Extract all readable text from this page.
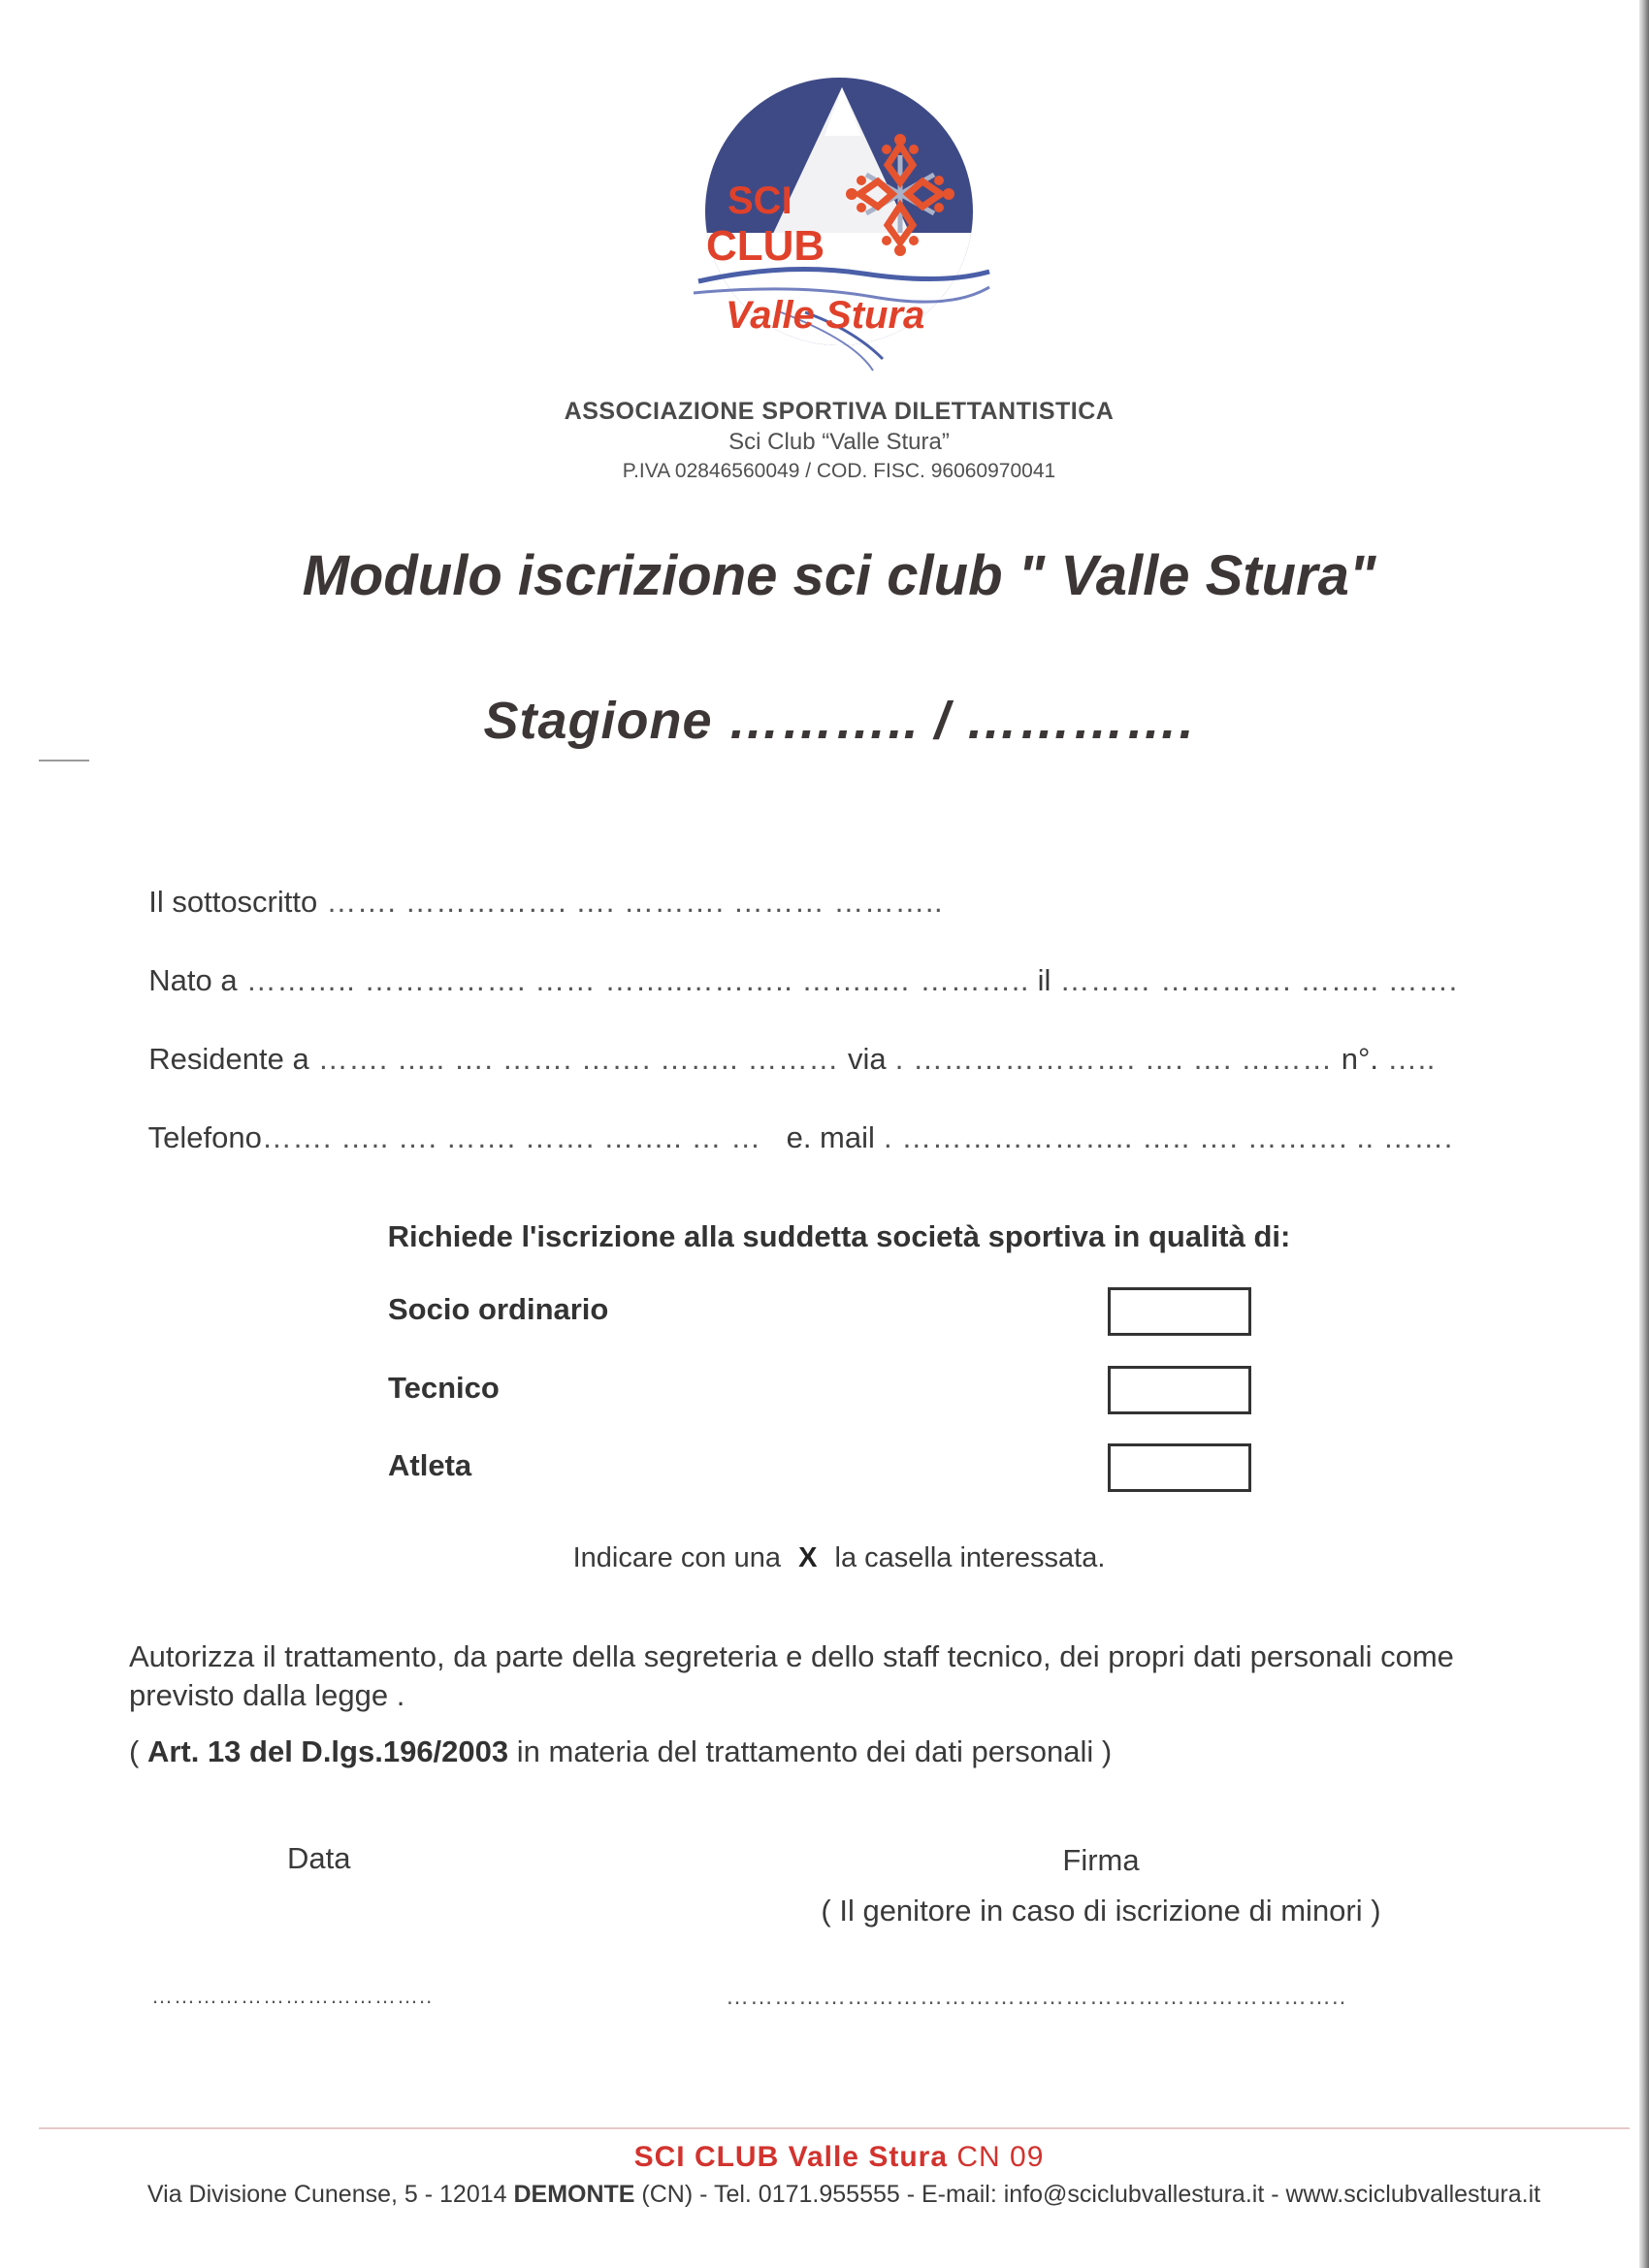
SCI
CLUB
Valle Stura
ASSOCIAZIONE SPORTIVA DILETTANTISTICA
Sci Club “Valle Stura”
P.IVA 02846560049 / COD. FISC. 96060970041
Modulo iscrizione sci club " Valle Stura"
Stagione ……….. / ………….

Il sottoscritto ……. ……………. …. ………. ……… ………..

Nato a ……….. ……………. …… ……..……….. ……..… ……….. il ……… …………. …….. …….

Residente a ……. ….. …. ……. ……. …….. ……… via . …………………. …. …. ……… n°. …..

Telefono……. ….. …. ……. ……. …….. … … e. mail . ………………….. ….. …. ………. .. …….

Richiede l'iscrizione alla suddetta società sportiva in qualità di:
Socio ordinario
Tecnico
Atleta
Indicare con una X la casella interessata.
Autorizza il trattamento, da parte della segreteria e dello staff tecnico, dei propri dati personali come previsto dalla legge .
( Art. 13 del D.lgs.196/2003 in materia del trattamento dei dati personali )
Data	Firma
( Il genitore in caso di iscrizione di minori )
………………………………..	…………………………………………………………………..
SCI CLUB Valle Stura CN 09
Via Divisione Cunense, 5 - 12014 DEMONTE (CN) - Tel. 0171.955555 - E-mail: info@sciclubvallestura.it - www.sciclubvallestura.it
